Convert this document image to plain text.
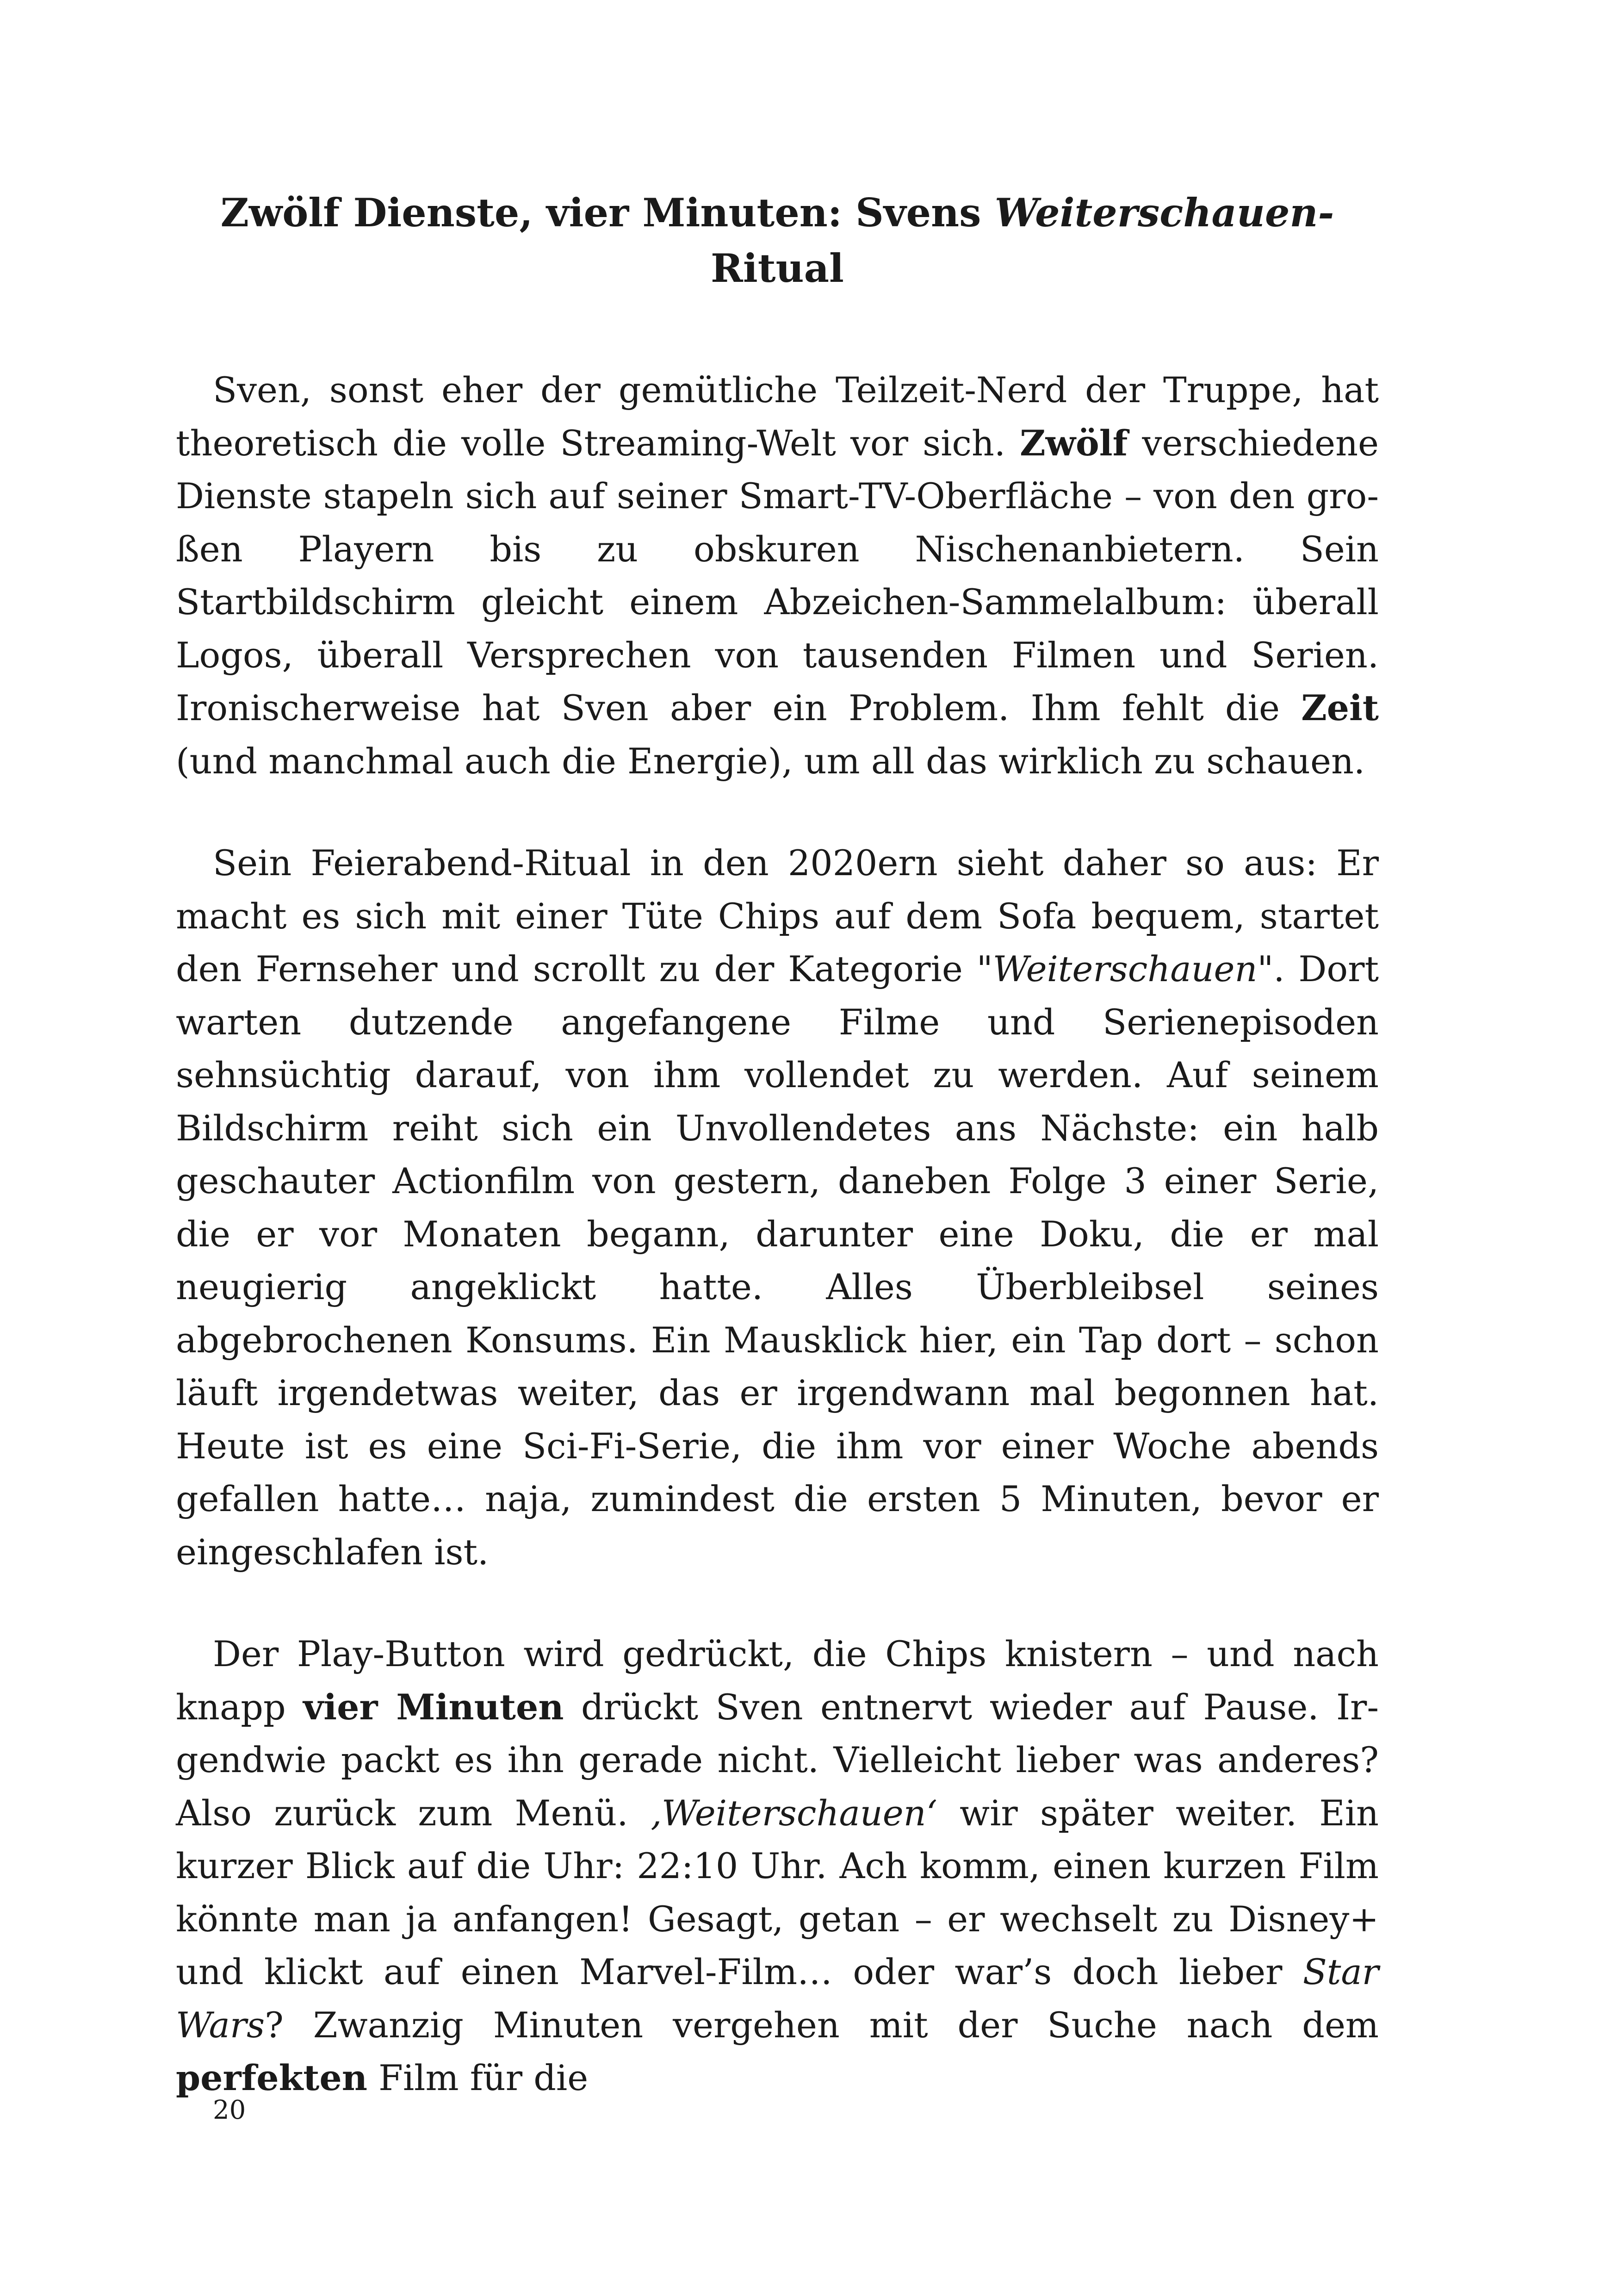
Zwölf Dienste, vier Minuten: Svens Weiterschauen-
Ritual

Sven, sonst eher der gemütliche Teilzeit-Nerd der Truppe, hat theoretisch die volle Streaming-Welt vor sich. Zwölf verschiedene Dienste stapeln sich auf seiner Smart-TV-Oberfläche – von den großen Playern bis zu obskuren Nischenanbietern. Sein Startbildschirm gleicht einem Abzeichen-Sammelalbum: überall Logos, überall Versprechen von tausenden Filmen und Serien. Ironischerweise hat Sven aber ein Problem. Ihm fehlt die Zeit (und manchmal auch die Energie), um all das wirklich zu schauen.

Sein Feierabend-Ritual in den 2020ern sieht daher so aus: Er macht es sich mit einer Tüte Chips auf dem Sofa bequem, startet den Fernseher und scrollt zu der Kategorie "Weiterschauen". Dort warten dutzende angefangene Filme und Serienepisoden sehnsüchtig darauf, von ihm vollendet zu werden. Auf seinem Bildschirm reiht sich ein Unvollendetes ans Nächste: ein halb geschauter Actionfilm von gestern, daneben Folge 3 einer Serie, die er vor Monaten begann, darunter eine Doku, die er mal neugierig angeklickt hatte. Alles Überbleibsel seines abgebrochenen Konsums. Ein Mausklick hier, ein Tap dort – schon läuft irgendetwas weiter, das er irgendwann mal begonnen hat. Heute ist es eine Sci-Fi-Serie, die ihm vor einer Woche abends gefallen hatte… naja, zumindest die ersten 5 Minuten, bevor er eingeschlafen ist.

Der Play-Button wird gedrückt, die Chips knistern – und nach knapp vier Minuten drückt Sven entnervt wieder auf Pause. Irgendwie packt es ihn gerade nicht. Vielleicht lieber was anderes? Also zurück zum Menü. ‚Weiterschauen‘ wir später weiter. Ein kurzer Blick auf die Uhr: 22:10 Uhr. Ach komm, einen kurzen Film könnte man ja anfangen! Gesagt, getan – er wechselt zu Disney+ und klickt auf einen Marvel-Film… oder war’s doch lieber Star Wars? Zwanzig Minuten vergehen mit der Suche nach dem perfekten Film für die

20
